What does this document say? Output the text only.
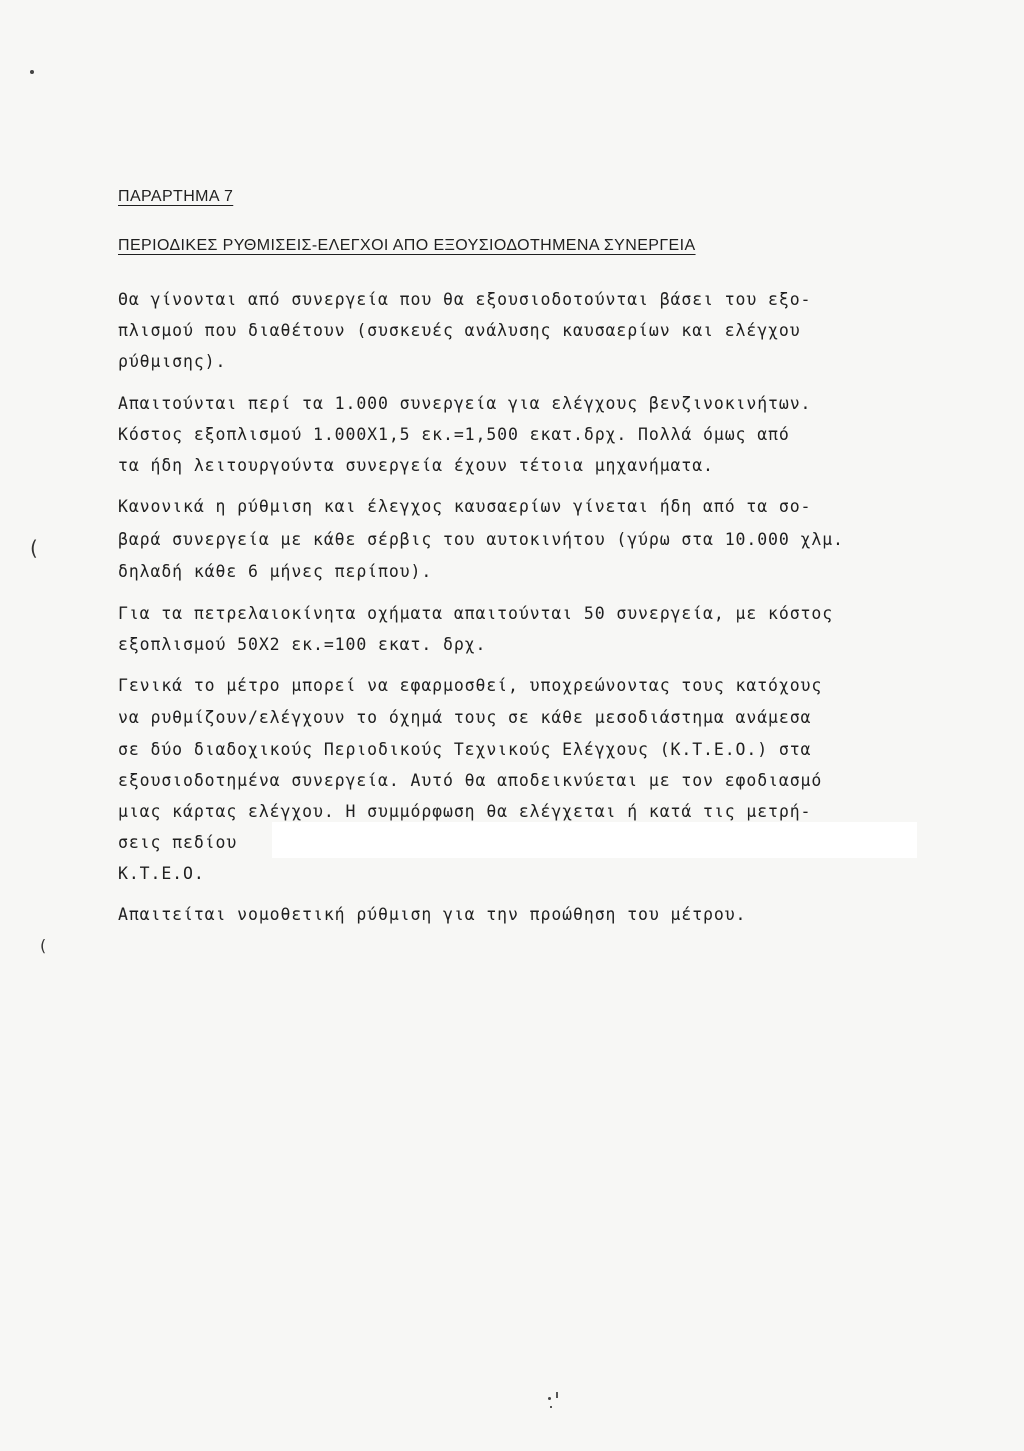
ΠΑΡΑΡΤΗΜΑ 7
ΠΕΡΙΟΔΙΚΕΣ ΡΥΘΜΙΣΕΙΣ-ΕΛΕΓΧΟΙ ΑΠΟ ΕΞΟΥΣΙΟΔΟΤΗΜΕΝΑ ΣΥΝΕΡΓΕΙΑ
Θα γίνονται από συνεργεία που θα εξουσιοδοτούνται βάσει του εξο-
πλισμού που διαθέτουν (συσκευές ανάλυσης καυσαερίων και ελέγχου
ρύθμισης).
Απαιτούνται περί τα 1.000 συνεργεία για ελέγχους βενζινοκινήτων.
Κόστος εξοπλισμού 1.000Χ1,5 εκ.=1,500 εκατ.δρχ. Πολλά όμως από
τα ήδη λειτουργούντα συνεργεία έχουν τέτοια μηχανήματα.
Κανονικά η ρύθμιση και έλεγχος καυσαερίων γίνεται ήδη από τα σο-
βαρά συνεργεία με κάθε σέρβις του αυτοκινήτου (γύρω στα 10.000 χλμ.
δηλαδή κάθε 6 μήνες περίπου).
Για τα πετρελαιοκίνητα οχήματα απαιτούνται 50 συνεργεία, με κόστος
εξοπλισμού 50Χ2 εκ.=100 εκατ. δρχ.
Γενικά το μέτρο μπορεί να εφαρμοσθεί, υποχρεώνοντας τους κατόχους
να ρυθμίζουν/ελέγχουν το όχημά τους σε κάθε μεσοδιάστημα ανάμεσα
σε δύο διαδοχικούς Περιοδικούς Τεχνικούς Ελέγχους (Κ.Τ.Ε.Ο.) στα
εξουσιοδοτημένα συνεργεία. Αυτό θα αποδεικνύεται με τον εφοδιασμό
μιας κάρτας ελέγχου. Η συμμόρφωση θα ελέγχεται ή κατά τις μετρή-
σεις πεδίου
Κ.Τ.Ε.Ο.
Απαιτείται νομοθετική ρύθμιση για την προώθηση του μέτρου.
(
(
